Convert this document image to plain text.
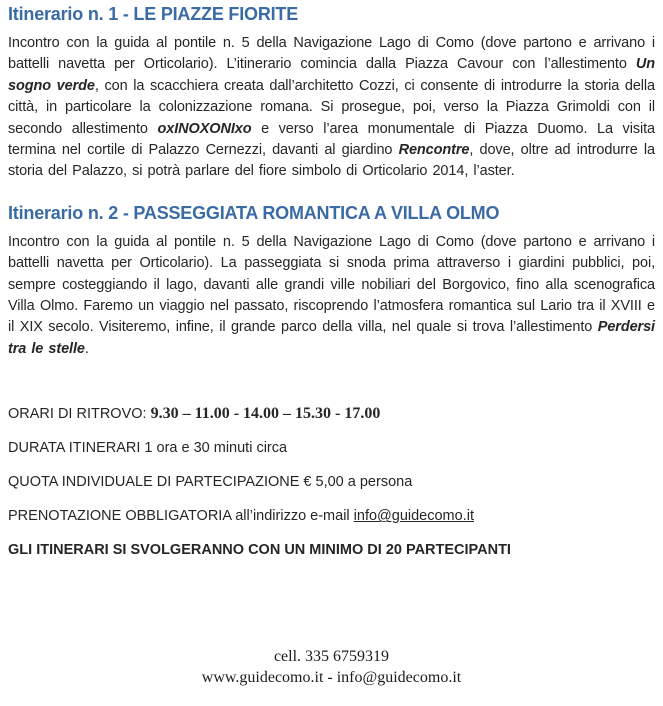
Itinerario n. 1 - LE PIAZZE FIORITE

Incontro con la guida al pontile n. 5 della Navigazione Lago di Como (dove partono e arrivano i battelli navetta per Orticolario). L’itinerario comincia dalla Piazza Cavour con l’allestimento Un sogno verde, con la scacchiera creata dall’architetto Cozzi, ci consente di introdurre la storia della città, in particolare la colonizzazione romana. Si prosegue, poi, verso la Piazza Grimoldi con il secondo allestimento oxINOXONIxo e verso l’area monumentale di Piazza Duomo. La visita termina nel cortile di Palazzo Cernezzi, davanti al giardino Rencontre, dove, oltre ad introdurre la storia del Palazzo, si potrà parlare del fiore simbolo di Orticolario 2014, l’aster.

Itinerario n. 2 - PASSEGGIATA ROMANTICA A VILLA OLMO

Incontro con la guida al pontile n. 5 della Navigazione Lago di Como (dove partono e arrivano i battelli navetta per Orticolario). La passeggiata si snoda prima attraverso i giardini pubblici, poi, sempre costeggiando il lago, davanti alle grandi ville nobiliari del Borgovico, fino alla scenografica Villa Olmo. Faremo un viaggio nel passato, riscoprendo l’atmosfera romantica sul Lario tra il XVIII e il XIX secolo. Visiteremo, infine, il grande parco della villa, nel quale si trova l’allestimento Perdersi tra le stelle.

ORARI DI RITROVO: 9.30 – 11.00 - 14.00 – 15.30 - 17.00
DURATA ITINERARI 1 ora e 30 minuti circa
QUOTA INDIVIDUALE DI PARTECIPAZIONE € 5,00 a persona
PRENOTAZIONE OBBLIGATORIA all’indirizzo e-mail info@guidecomo.it
GLI ITINERARI SI SVOLGERANNO CON UN MINIMO DI 20 PARTECIPANTI
cell. 335 6759319
www.guidecomo.it - info@guidecomo.it
